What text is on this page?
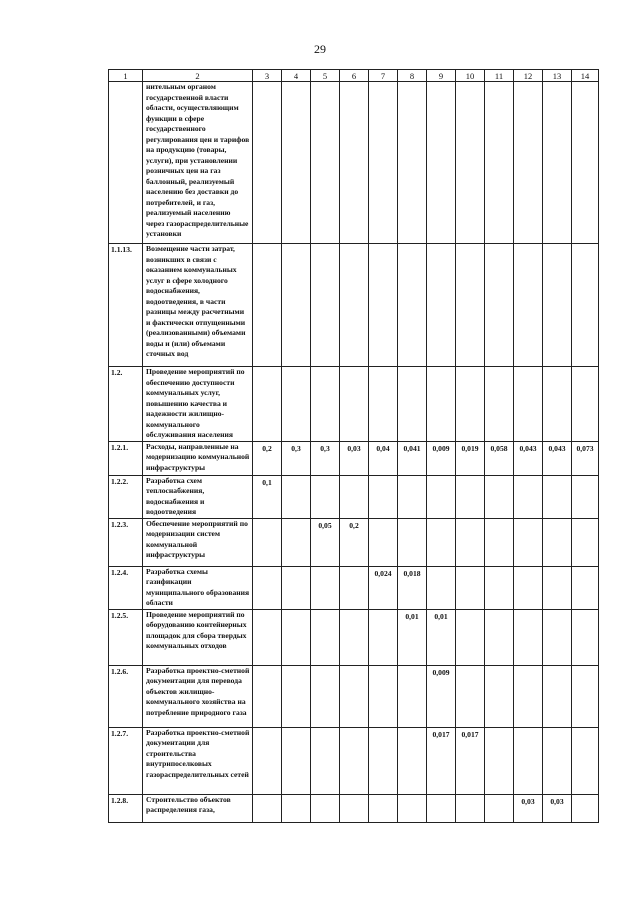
29
1	2	3	4	5	6	7	8	9	10	11	12	13	14
	нительным органом государственной власти области, осуществляющим функции в сфере государственного регулирования цен и тарифов на продукцию (товары, услуги), при установлении розничных цен на газ баллонный, реализуемый населению без доставки до потребителей, и газ, реализуемый населению через газораспределительные установки												
1.1.13.	Возмещение части затрат, возникших в связи с оказанием коммунальных услуг в сфере холодного водоснабжения, водоотведения, в части разницы между расчетными и фактически отпущенными (реализованными) объемами воды и (или) объемами сточных вод												
1.2.	Проведение мероприятий по обеспечению доступности коммунальных услуг, повышению качества и надежности жилищно-коммунального обслуживания населения												
1.2.1.	Расходы, направленные на модернизацию коммунальной инфраструктуры	0,2	0,3	0,3	0,03	0,04	0,041	0,009	0,019	0,058	0,043	0,043	0,073
1.2.2.	Разработка схем теплоснабжения, водоснабжения и водоотведения	0,1											
1.2.3.	Обеспечение мероприятий по модернизации систем коммунальной инфраструктуры			0,05	0,2								
1.2.4.	Разработка схемы газификации муниципального образования области					0,024	0,018						
1.2.5.	Проведение мероприятий по оборудованию контейнерных площадок для сбора твердых коммунальных отходов						0,01	0,01					
1.2.6.	Разработка проектно-сметной документации для перевода объектов жилищно-коммунального хозяйства на потребление природного газа							0,009					
1.2.7.	Разработка проектно-сметной документации для строительства внутрипоселковых газораспределительных сетей							0,017	0,017				
1.2.8.	Строительство объектов распределения газа,										0,03	0,03	
